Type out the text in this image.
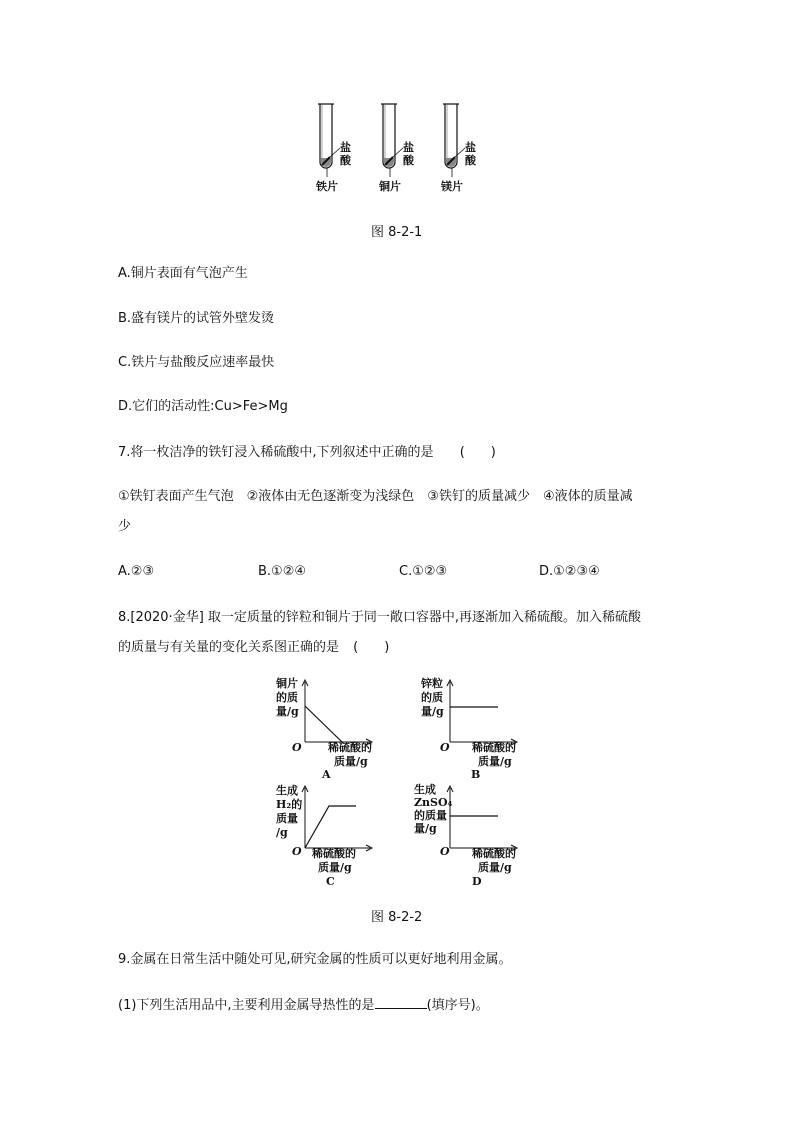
盐
酸
铁片
盐
酸
铜片
盐
酸
镁片
图 8-2-1
A.铜片表面有气泡产生
B.盛有镁片的试管外壁发烫
C.铁片与盐酸反应速率最快
D.它们的活动性:Cu>Fe>Mg
7.将一枚洁净的铁钉浸入稀硫酸中,下列叙述中正确的是 (　　)
①铁钉表面产生气泡　②液体由无色逐渐变为浅绿色　③铁钉的质量减少　④液体的质量减
少
A.②③	B.①②④	C.①②③	D.①②③④
8.[2020·金华] 取一定质量的锌粒和铜片于同一敞口容器中,再逐渐加入稀硫酸。加入稀硫酸
的质量与有关量的变化关系图正确的是 (　　)
铜片
的质
量/g
O 稀硫酸的
质量/g
A
锌粒
的质
量/g
O 稀硫酸的
质量/g
B
生成
H₂的
质量
/g
O 稀硫酸的
质量/g
C
生成
ZnSO₄
的质量
量/g
O 稀硫酸的
质量/g
D
图 8-2-2
9.金属在日常生活中随处可见,研究金属的性质可以更好地利用金属。
(1)下列生活用品中,主要利用金属导热性的是	(填序号)。
